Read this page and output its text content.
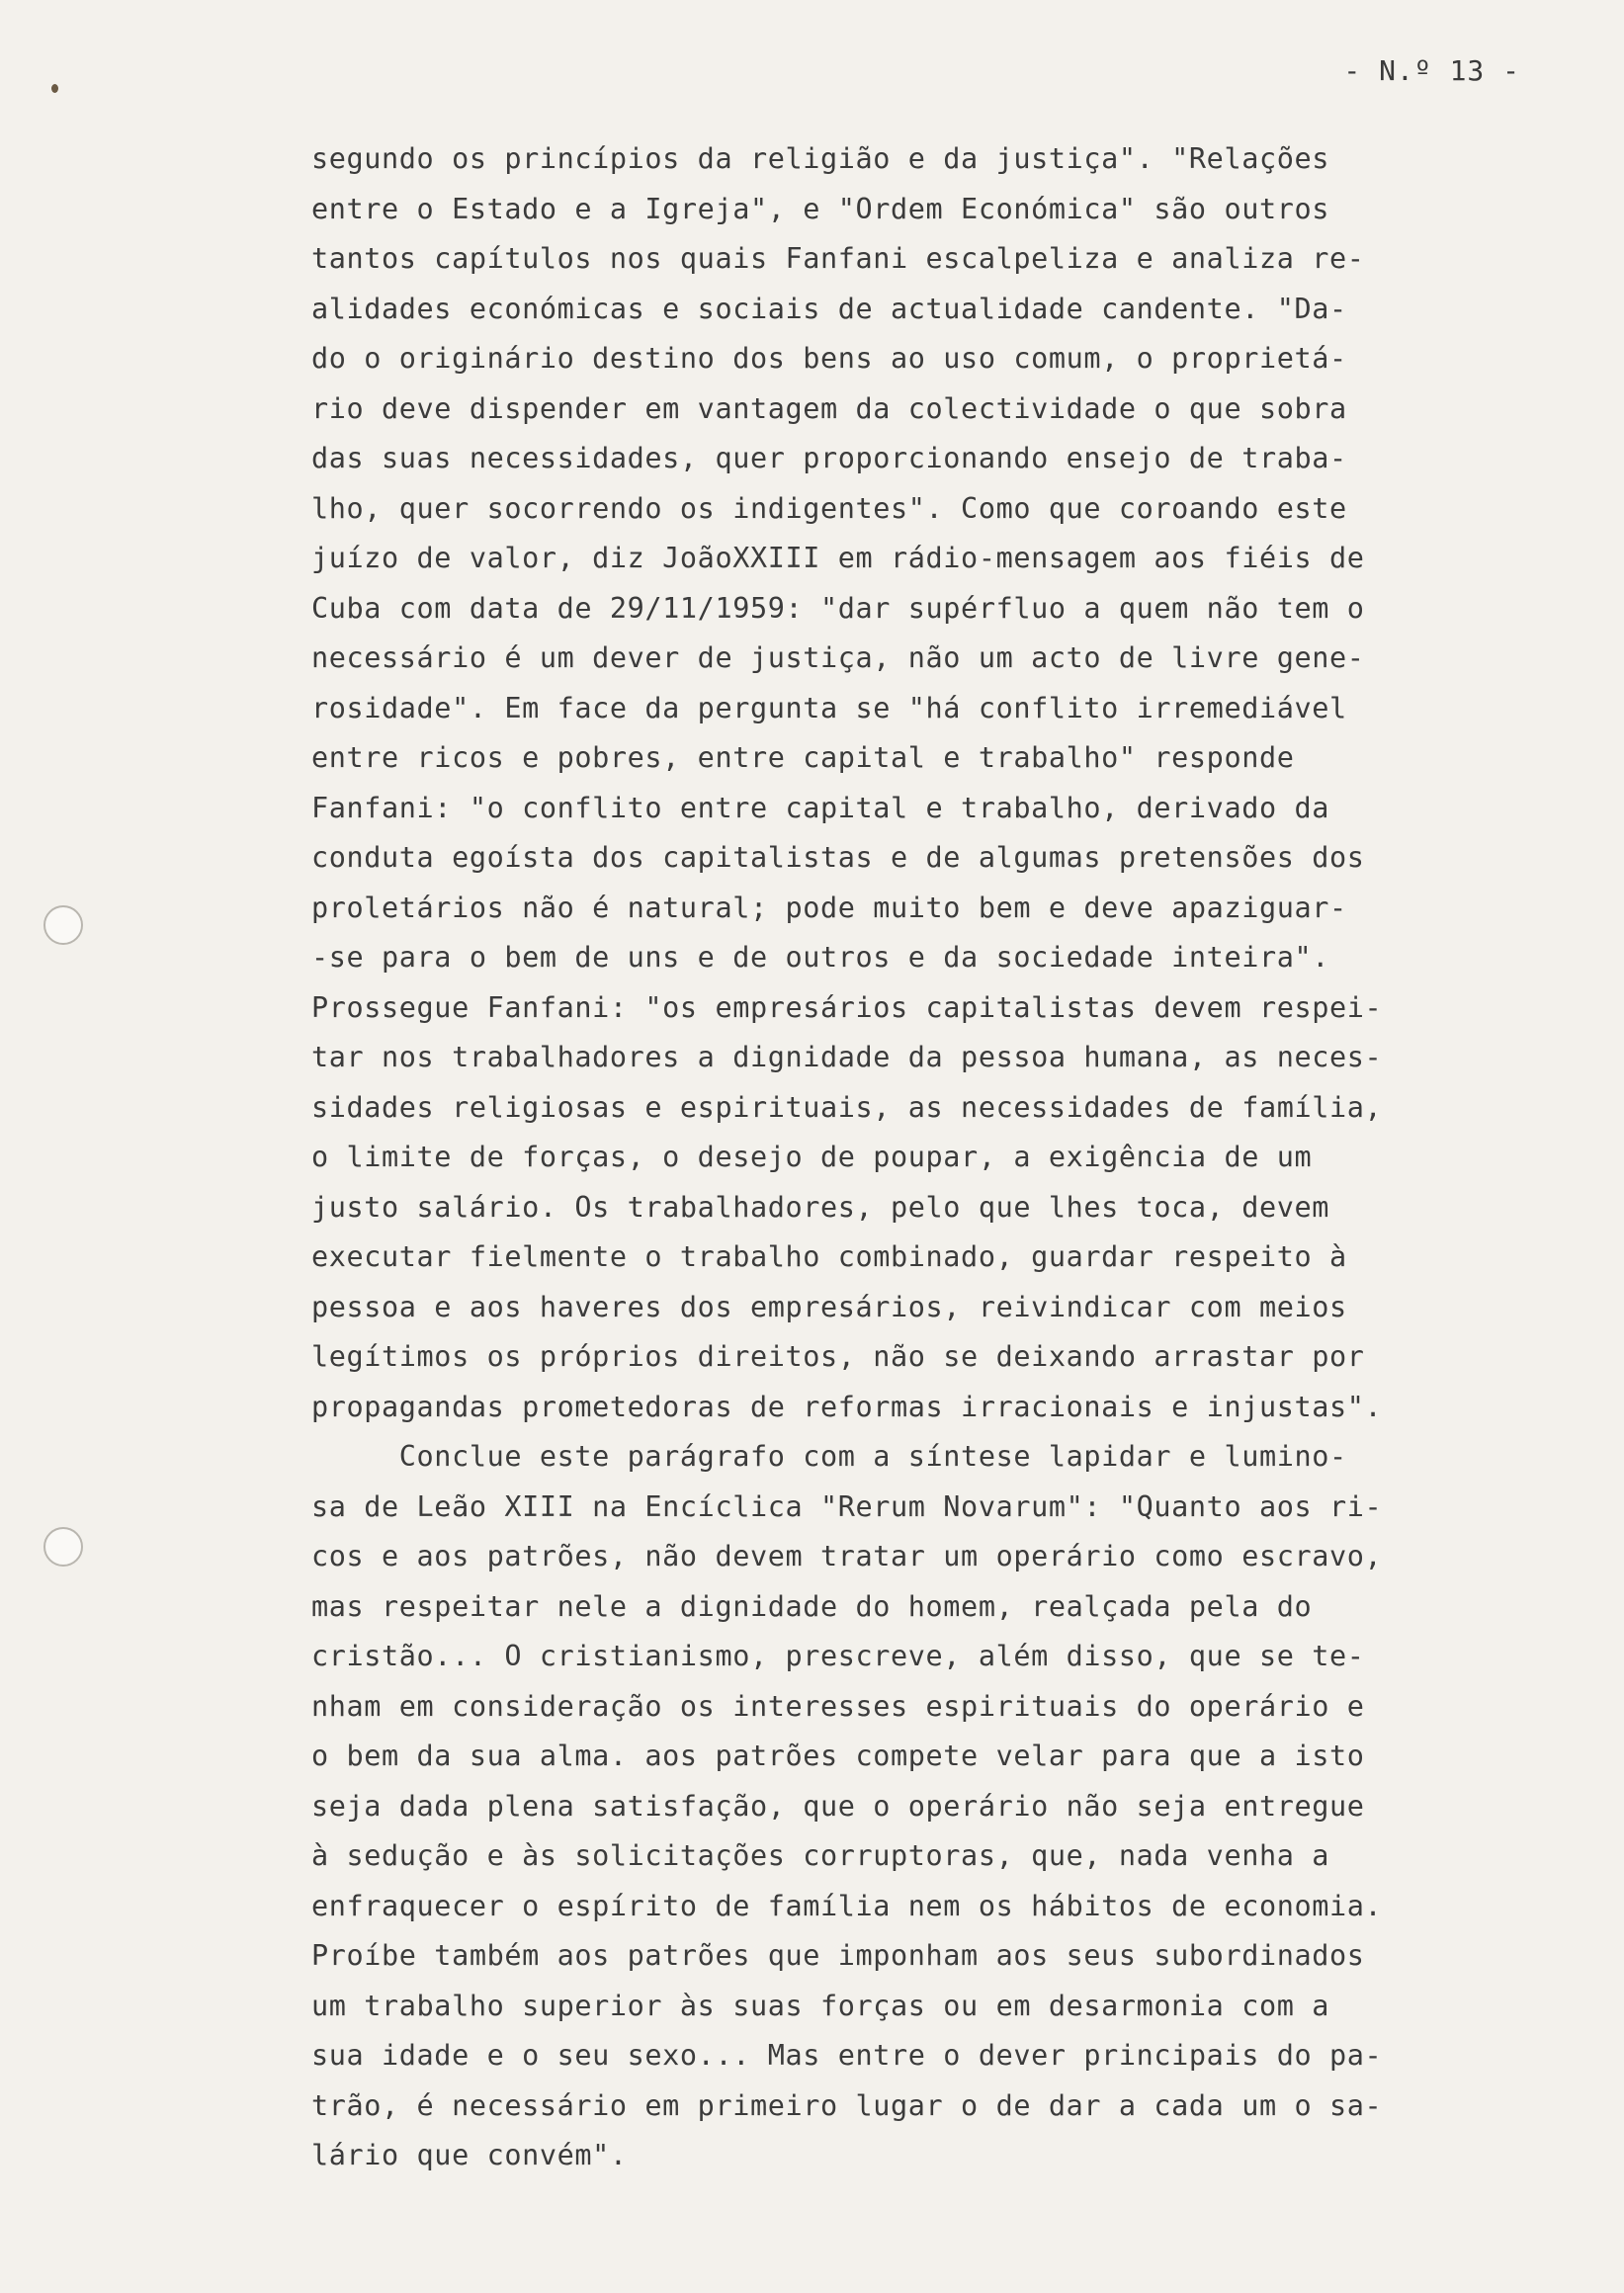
- N.º 13 -
segundo os princípios da religião e da justiça". "Relações
entre o Estado e a Igreja", e "Ordem Económica" são outros
tantos capítulos nos quais Fanfani escalpeliza e analiza re-
alidades económicas e sociais de actualidade candente. "Da-
do o originário destino dos bens ao uso comum, o proprietá-
rio deve dispender em vantagem da colectividade o que sobra
das suas necessidades, quer proporcionando ensejo de traba-
lho, quer socorrendo os indigentes". Como que coroando este
juízo de valor, diz JoãoXXIII em rádio-mensagem aos fiéis de
Cuba com data de 29/11/1959: "dar supérfluo a quem não tem o
necessário é um dever de justiça, não um acto de livre gene-
rosidade". Em face da pergunta se "há conflito irremediável
entre ricos e pobres, entre capital e trabalho" responde
Fanfani: "o conflito entre capital e trabalho, derivado da
conduta egoísta dos capitalistas e de algumas pretensões dos
proletários não é natural; pode muito bem e deve apaziguar-
-se para o bem de uns e de outros e da sociedade inteira".
Prossegue Fanfani: "os empresários capitalistas devem respei-
tar nos trabalhadores a dignidade da pessoa humana, as neces-
sidades religiosas e espirituais, as necessidades de família,
o limite de forças, o desejo de poupar, a exigência de um
justo salário. Os trabalhadores, pelo que lhes toca, devem
executar fielmente o trabalho combinado, guardar respeito à
pessoa e aos haveres dos empresários, reivindicar com meios
legítimos os próprios direitos, não se deixando arrastar por
propagandas prometedoras de reformas irracionais e injustas".
Conclue este parágrafo com a síntese lapidar e lumino-
sa de Leão XIII na Encíclica "Rerum Novarum": "Quanto aos ri-
cos e aos patrões, não devem tratar um operário como escravo,
mas respeitar nele a dignidade do homem, realçada pela do
cristão... O cristianismo, prescreve, além disso, que se te-
nham em consideração os interesses espirituais do operário e
o bem da sua alma. aos patrões compete velar para que a isto
seja dada plena satisfação, que o operário não seja entregue
à sedução e às solicitações corruptoras, que, nada venha a
enfraquecer o espírito de família nem os hábitos de economia.
Proíbe também aos patrões que imponham aos seus subordinados
um trabalho superior às suas forças ou em desarmonia com a
sua idade e o seu sexo... Mas entre o dever principais do pa-
trão, é necessário em primeiro lugar o de dar a cada um o sa-
lário que convém".
